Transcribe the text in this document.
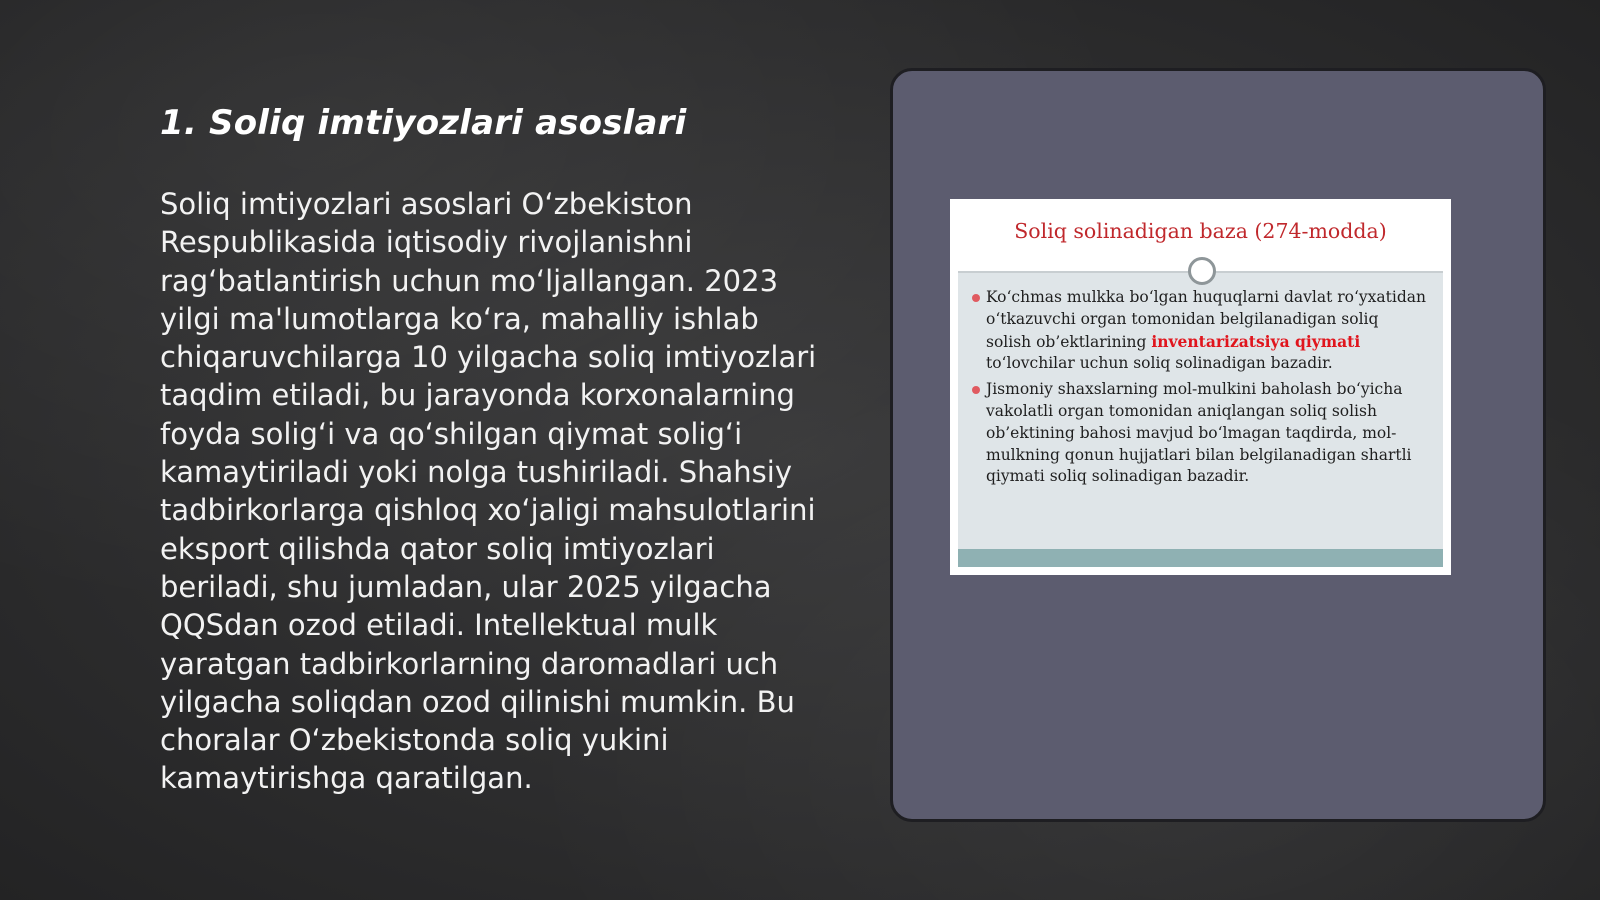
1. Soliq imtiyozlari asoslari

Soliq imtiyozlari asoslari O‘zbekiston Respublikasida iqtisodiy rivojlanishni rag‘batlantirish uchun mo‘ljallangan. 2023 yilgi ma'lumotlarga ko‘ra, mahalliy ishlab chiqaruvchilarga 10 yilgacha soliq imtiyozlari taqdim etiladi, bu jarayonda korxonalarning foyda solig‘i va qo‘shilgan qiymat solig‘i kamaytiriladi yoki nolga tushiriladi. Shahsiy tadbirkorlarga qishloq xo‘jaligi mahsulotlarini eksport qilishda qator soliq imtiyozlari beriladi, shu jumladan, ular 2025 yilgacha QQSdan ozod etiladi. Intellektual mulk yaratgan tadbirkorlarning daromadlari uch yilgacha soliqdan ozod qilinishi mumkin. Bu choralar O‘zbekistonda soliq yukini kamaytirishga qaratilgan.

Soliq solinadigan baza (274-modda)
Ko‘chmas mulkka bo‘lgan huquqlarni davlat ro‘yxatidan o‘tkazuvchi organ tomonidan belgilanadigan soliq solish ob’ektlarining inventarizatsiya qiymati to‘lovchilar uchun soliq solinadigan bazadir.
Jismoniy shaxslarning mol-mulkini baholash bo‘yicha vakolatli organ tomonidan aniqlangan soliq solish ob’ektining bahosi mavjud bo‘lmagan taqdirda, mol-mulkning qonun hujjatlari bilan belgilanadigan shartli qiymati soliq solinadigan bazadir.
